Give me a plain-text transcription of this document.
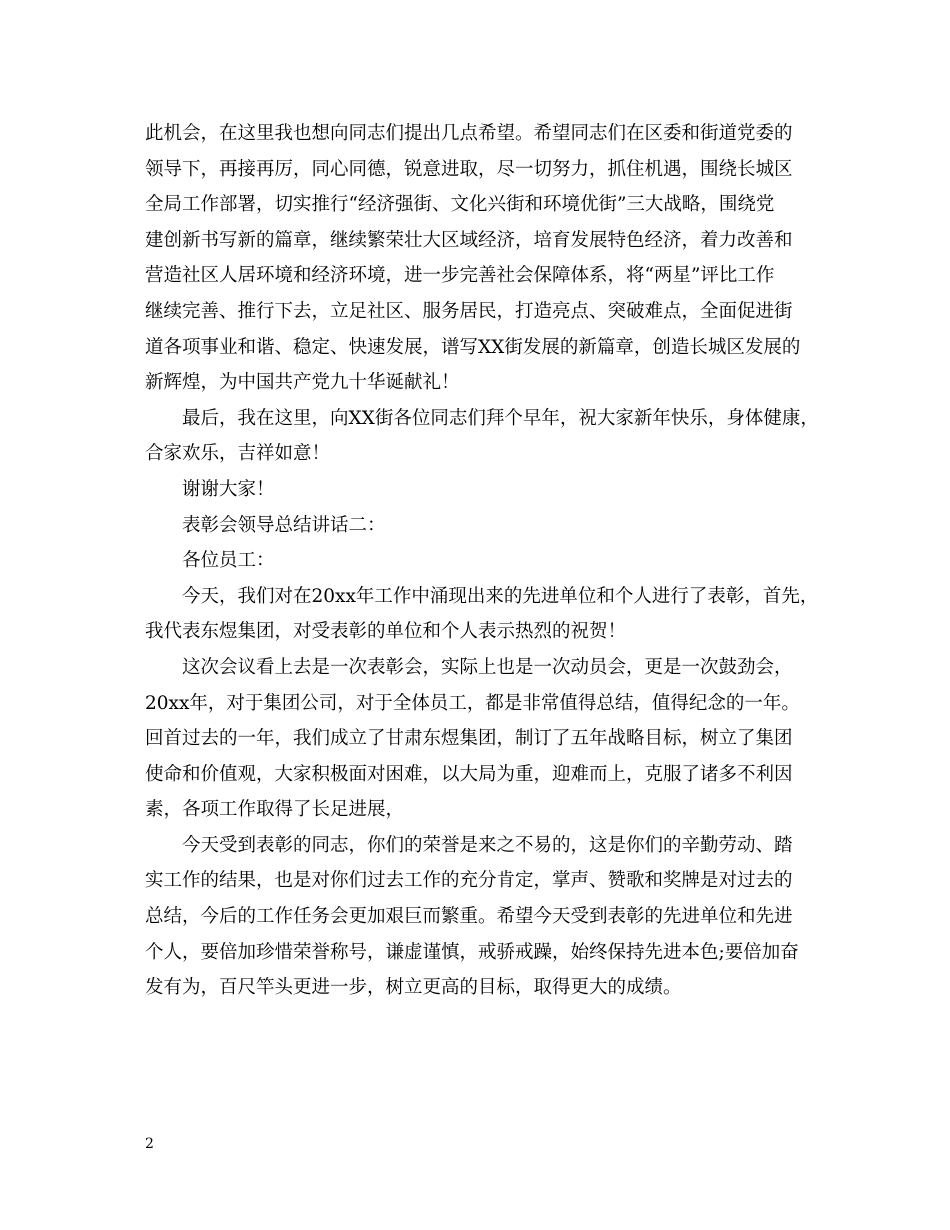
此机会，在这里我也想向同志们提出几点希望。希望同志们在区委和街道党委的
领导下，再接再厉，同心同德，锐意进取，尽一切努力，抓住机遇，围绕长城区
全局工作部署，切实推行“经济强街、文化兴街和环境优街”三大战略，围绕党
建创新书写新的篇章，继续繁荣壮大区域经济，培育发展特色经济，着力改善和
营造社区人居环境和经济环境，进一步完善社会保障体系，将“两星”评比工作
继续完善、推行下去，立足社区、服务居民，打造亮点、突破难点，全面促进街
道各项事业和谐、稳定、快速发展，谱写XX街发展的新篇章，创造长城区发展的
新辉煌，为中国共产党九十华诞献礼！
最后，我在这里，向XX街各位同志们拜个早年，祝大家新年快乐，身体健康，
合家欢乐，吉祥如意！
谢谢大家！
表彰会领导总结讲话二：
各位员工：
今天，我们对在20xx年工作中涌现出来的先进单位和个人进行了表彰，首先，
我代表东煜集团，对受表彰的单位和个人表示热烈的祝贺！
这次会议看上去是一次表彰会，实际上也是一次动员会，更是一次鼓劲会，
20xx年，对于集团公司，对于全体员工，都是非常值得总结，值得纪念的一年。
回首过去的一年，我们成立了甘肃东煜集团，制订了五年战略目标，树立了集团
使命和价值观，大家积极面对困难，以大局为重，迎难而上，克服了诸多不利因
素，各项工作取得了长足进展，
今天受到表彰的同志，你们的荣誉是来之不易的，这是你们的辛勤劳动、踏
实工作的结果，也是对你们过去工作的充分肯定，掌声、赞歌和奖牌是对过去的
总结，今后的工作任务会更加艰巨而繁重。希望今天受到表彰的先进单位和先进
个人，要倍加珍惜荣誉称号，谦虚谨慎，戒骄戒躁，始终保持先进本色;要倍加奋
发有为，百尺竿头更进一步，树立更高的目标，取得更大的成绩。
2
